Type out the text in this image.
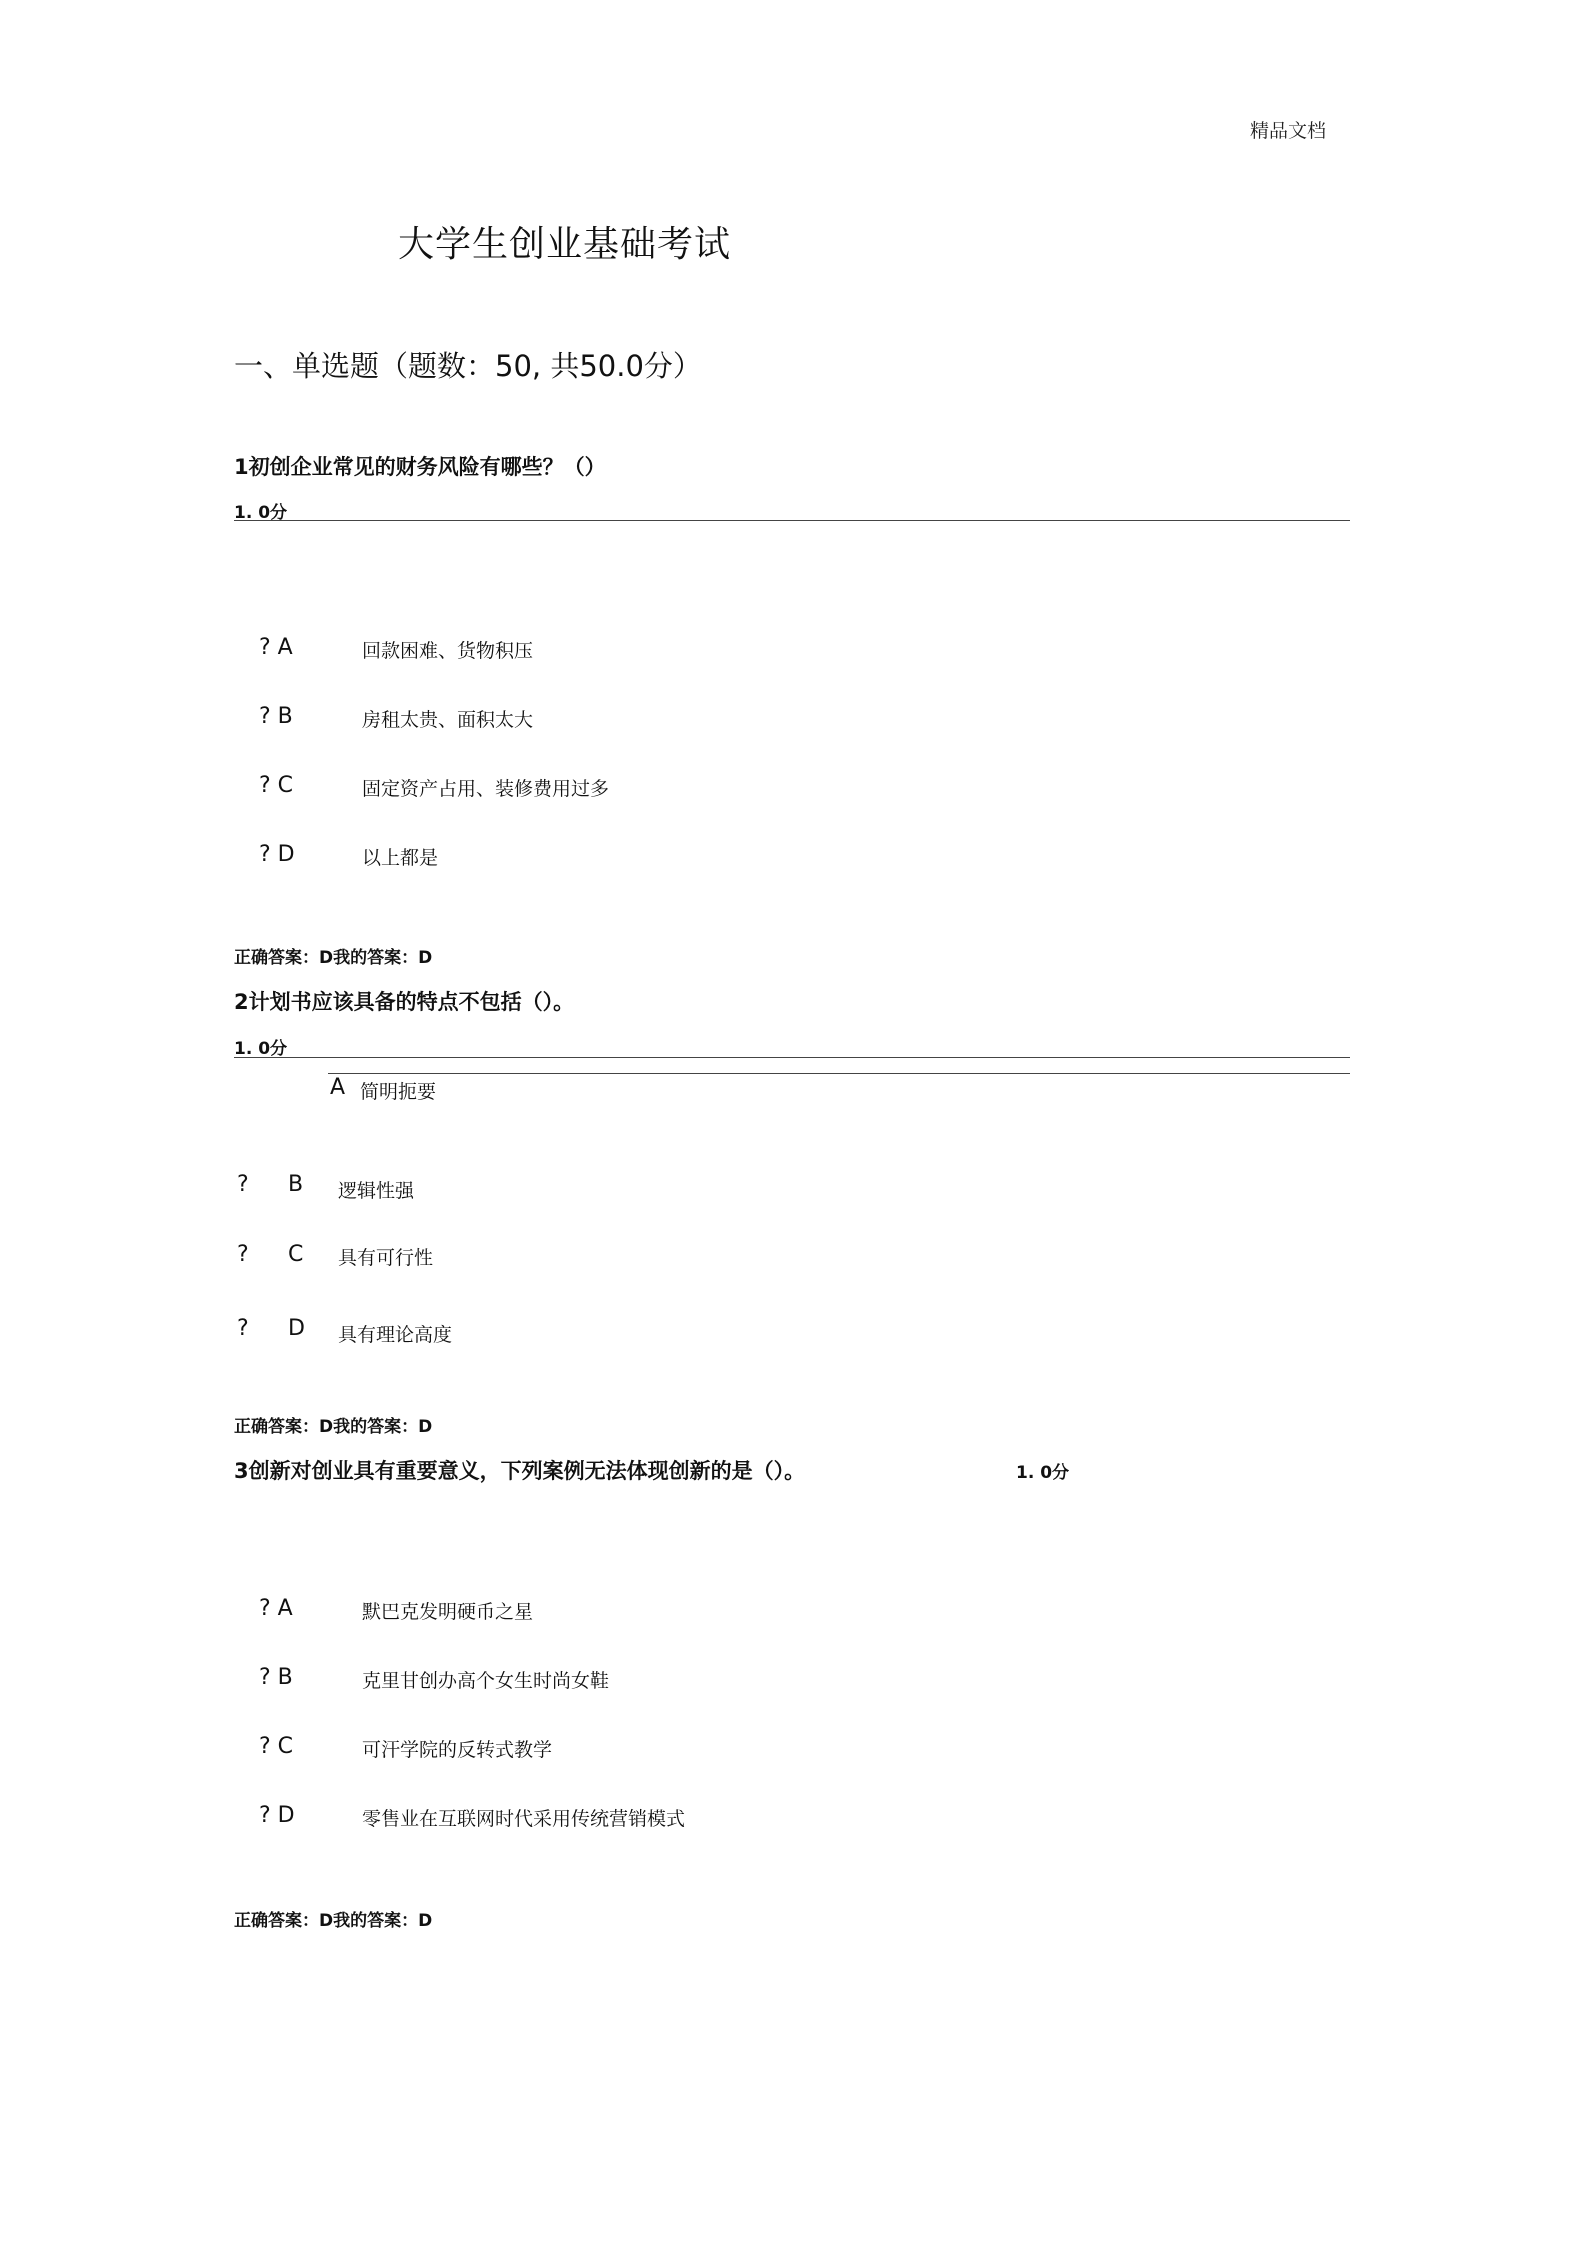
精品文档
大学生创业基础考试
一、单选题（题数：50, 共50.0分）
1初创企业常见的财务风险有哪些？（）
1. 0分
? A	回款困难、货物积压
? B	房租太贵、面积太大
? C	固定资产占用、装修费用过多
? D	以上都是
正确答案：D我的答案：D
2计划书应该具备的特点不包括（）。
1. 0分
A 简明扼要
? B 逻辑性强
? C 具有可行性
? D 具有理论高度
正确答案：D我的答案：D
3创新对创业具有重要意义，下列案例无法体现创新的是（）。	1. 0分
? A	默巴克发明硬币之星
? B	克里甘创办高个女生时尚女鞋
? C	可汗学院的反转式教学
? D	零售业在互联网时代采用传统营销模式
正确答案：D我的答案：D
